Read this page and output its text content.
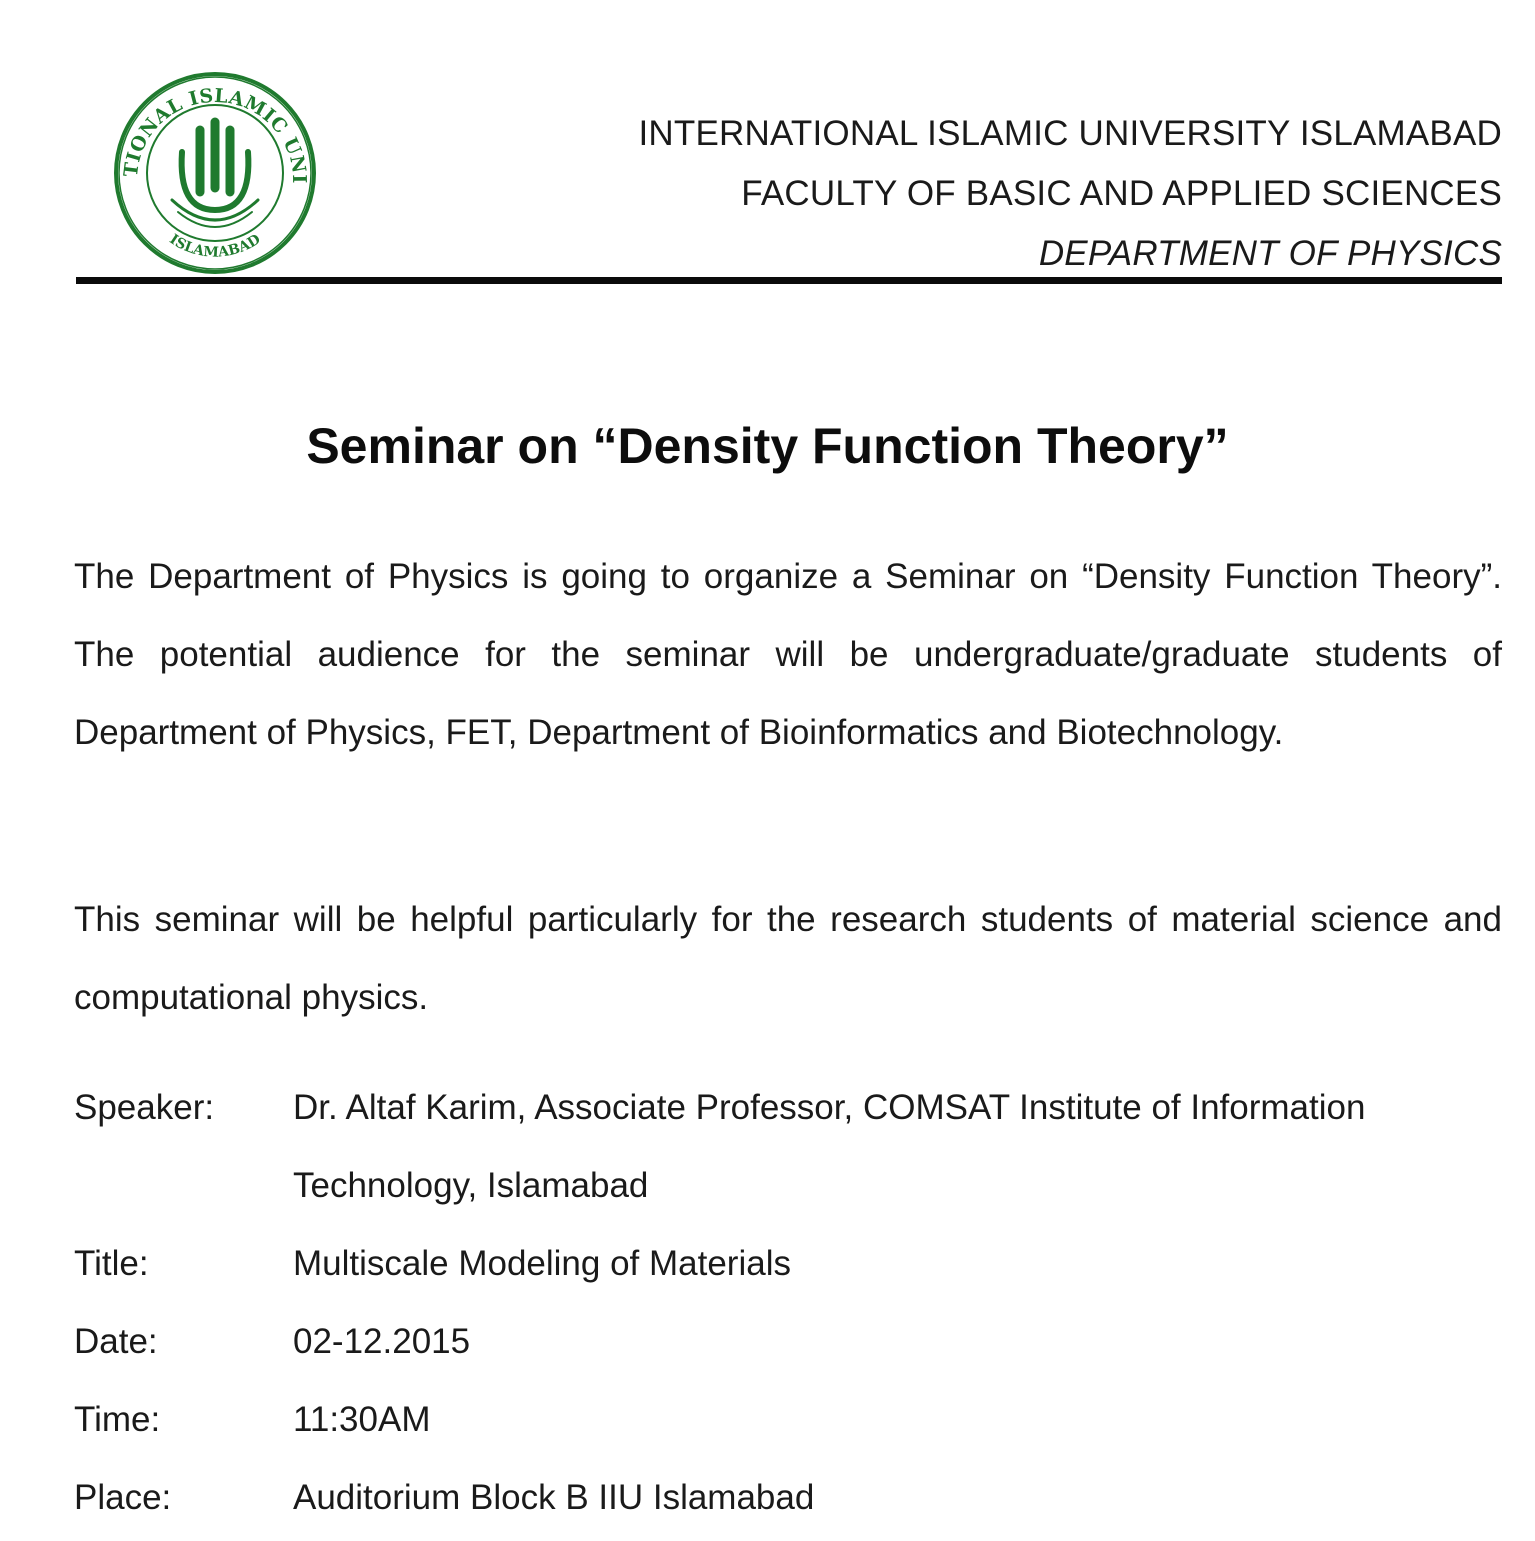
TIONAL ISLAMIC UNI
ISLAMABAD
INTERNATIONAL ISLAMIC UNIVERSITY ISLAMABAD
FACULTY OF BASIC AND APPLIED SCIENCES
DEPARTMENT OF PHYSICS
Seminar on “Density Function Theory”
The Department of Physics is going to organize a Seminar on “Density Function Theory”. The potential audience for the seminar will be undergraduate/graduate students of Department of Physics, FET, Department of Bioinformatics and Biotechnology.
This seminar will be helpful particularly for the research students of material science and computational physics.
Speaker:	Dr. Altaf Karim, Associate Professor, COMSAT Institute of Information Technology, Islamabad
Title:	Multiscale Modeling of Materials
Date:	02-12.2015
Time:	11:30AM
Place:	Auditorium Block B IIU Islamabad
